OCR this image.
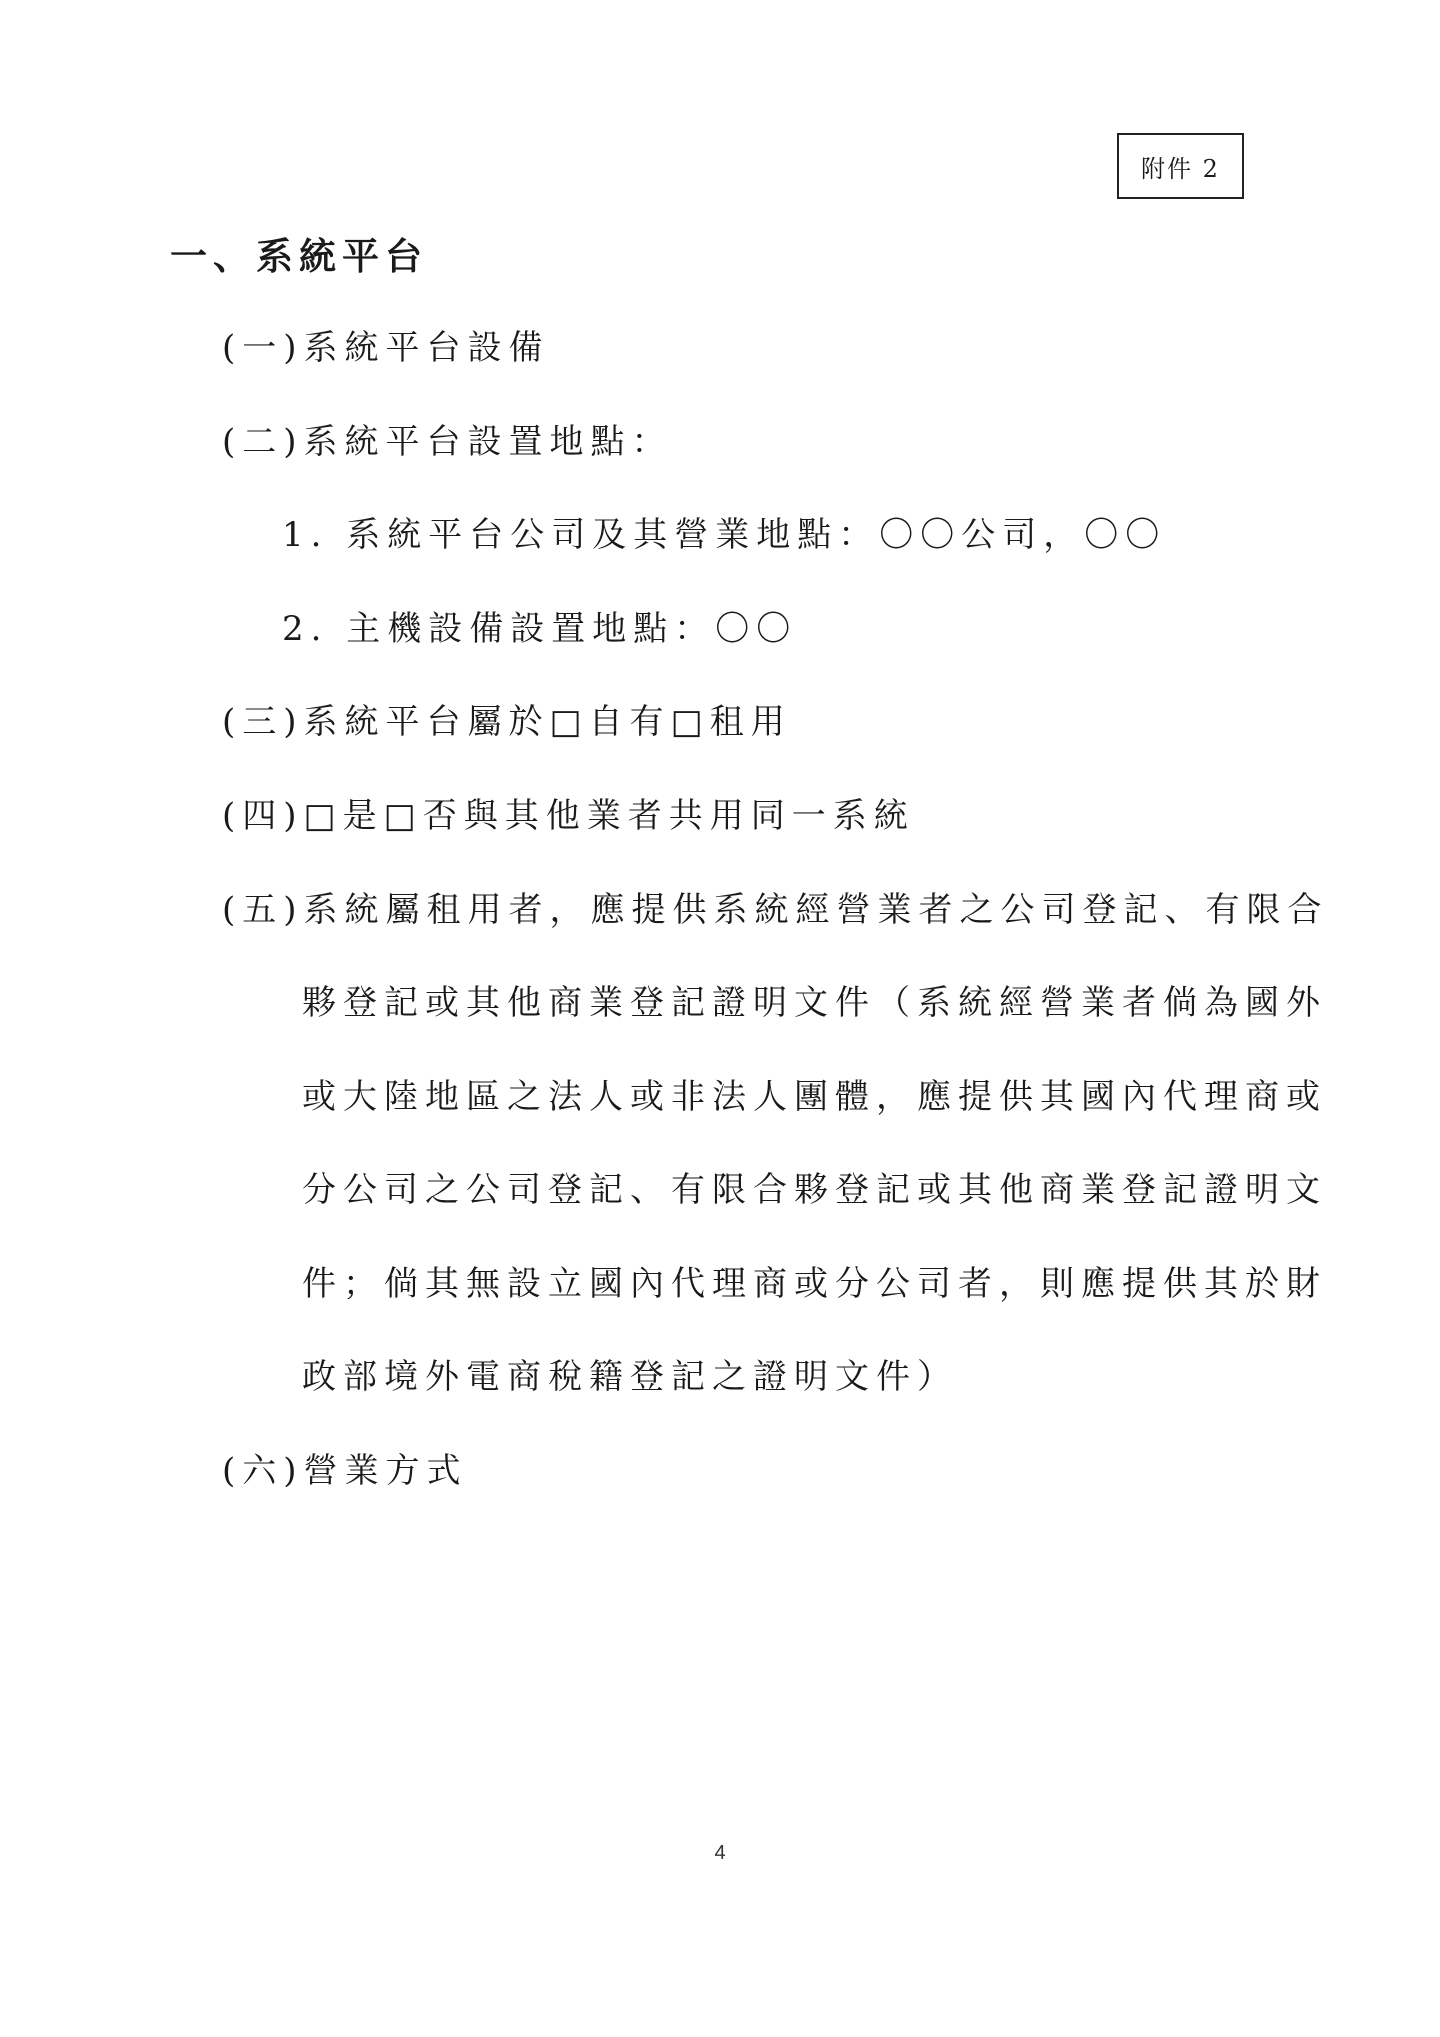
附件 2
一、系統平台
(一)系統平台設備
(二)系統平台設置地點：
1. 系統平台公司及其營業地點：〇〇公司，〇〇
2. 主機設備設置地點：〇〇
(三)系統平台屬於□自有□租用
(四)□是□否與其他業者共用同一系統
(五)系統屬租用者，應提供系統經營業者之公司登記、有限合
夥登記或其他商業登記證明文件（系統經營業者倘為國外
或大陸地區之法人或非法人團體，應提供其國內代理商或
分公司之公司登記、有限合夥登記或其他商業登記證明文
件；倘其無設立國內代理商或分公司者，則應提供其於財
政部境外電商稅籍登記之證明文件）
(六)營業方式
4
